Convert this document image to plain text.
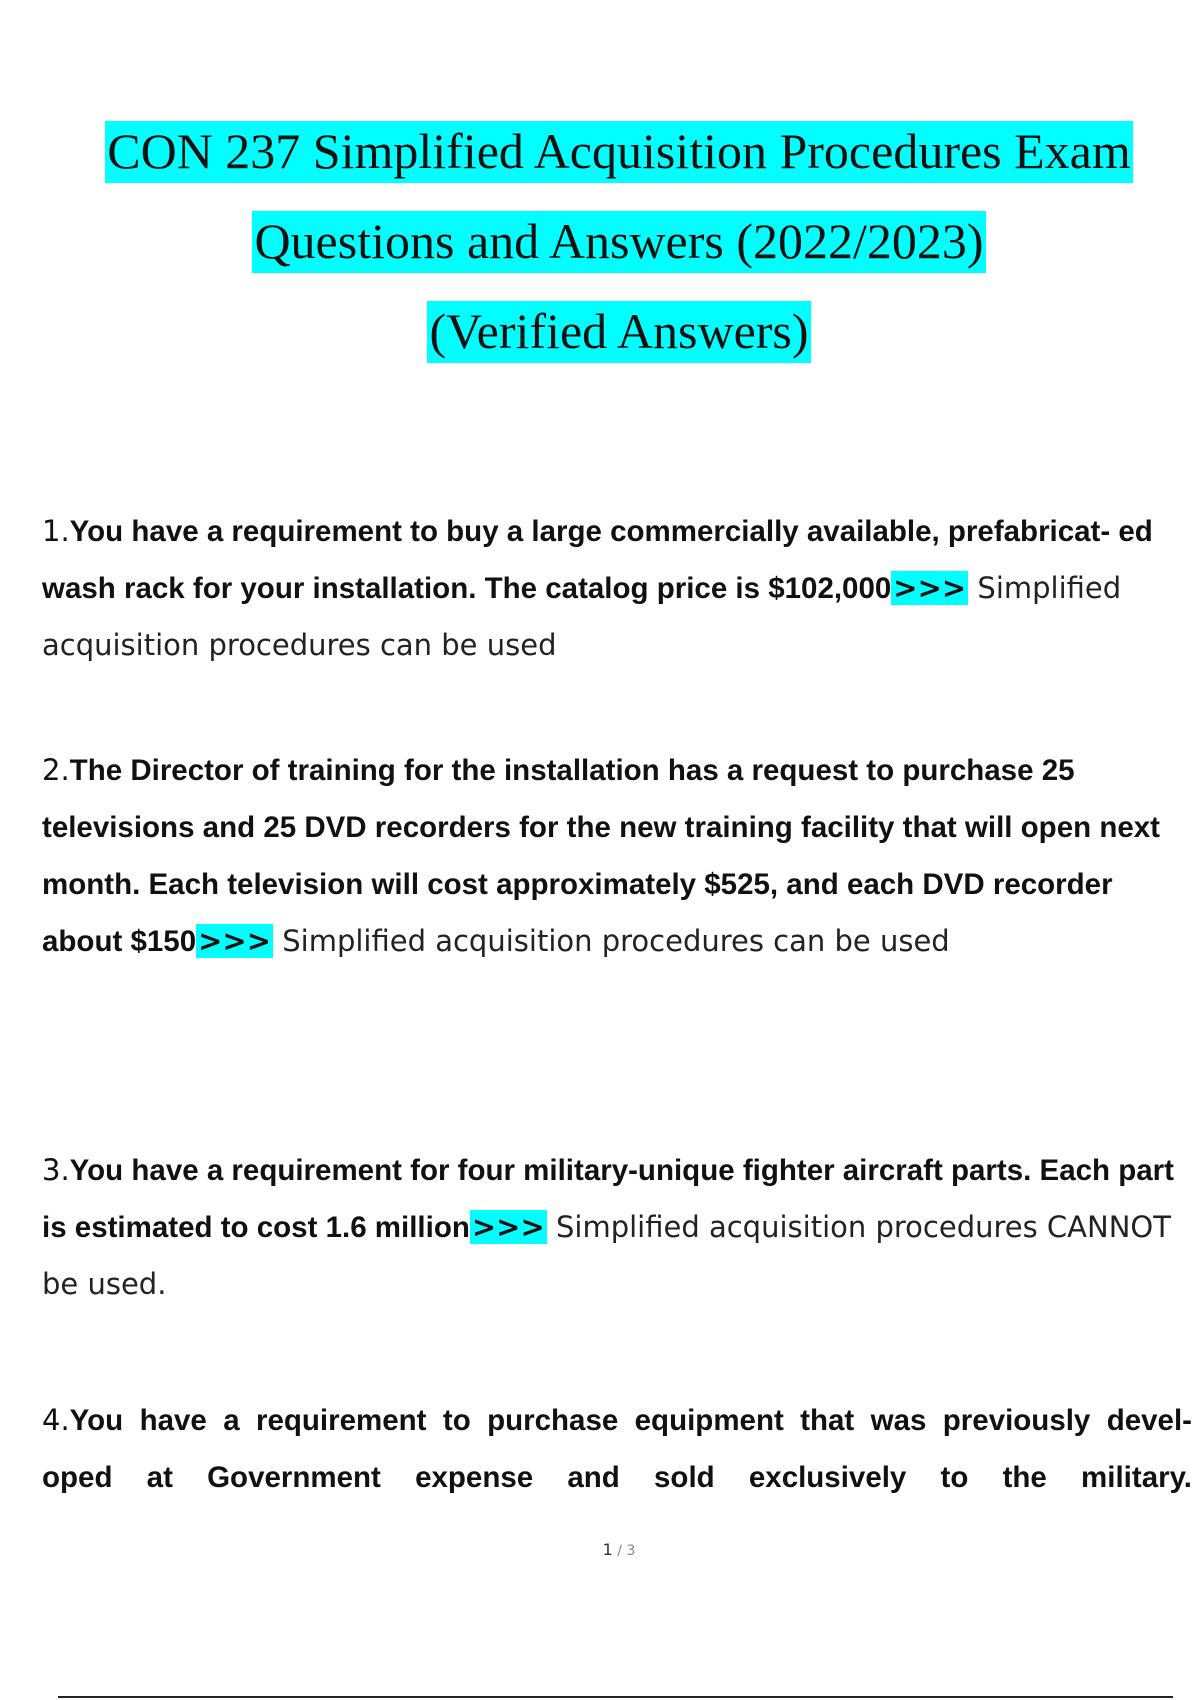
CON 237 Simplified Acquisition Procedures Exam
Questions and Answers (2022/2023)
(Verified Answers)
1.You have a requirement to buy a large commercially available, prefabricat- ed wash rack for your installation. The catalog price is $102,000>>> Simplified acquisition procedures can be used
2.The Director of training for the installation has a request to purchase 25 televisions and 25 DVD recorders for the new training facility that will open next month. Each television will cost approximately $525, and each DVD recorder about $150>>> Simplified acquisition procedures can be used
3.You have a requirement for four military-unique fighter aircraft parts. Each part is estimated to cost 1.6 million>>> Simplified acquisition procedures CANNOT be used.
4.You have a requirement to purchase equipment that was previously devel- oped at Government expense and sold exclusively to the military.
1 / 3
